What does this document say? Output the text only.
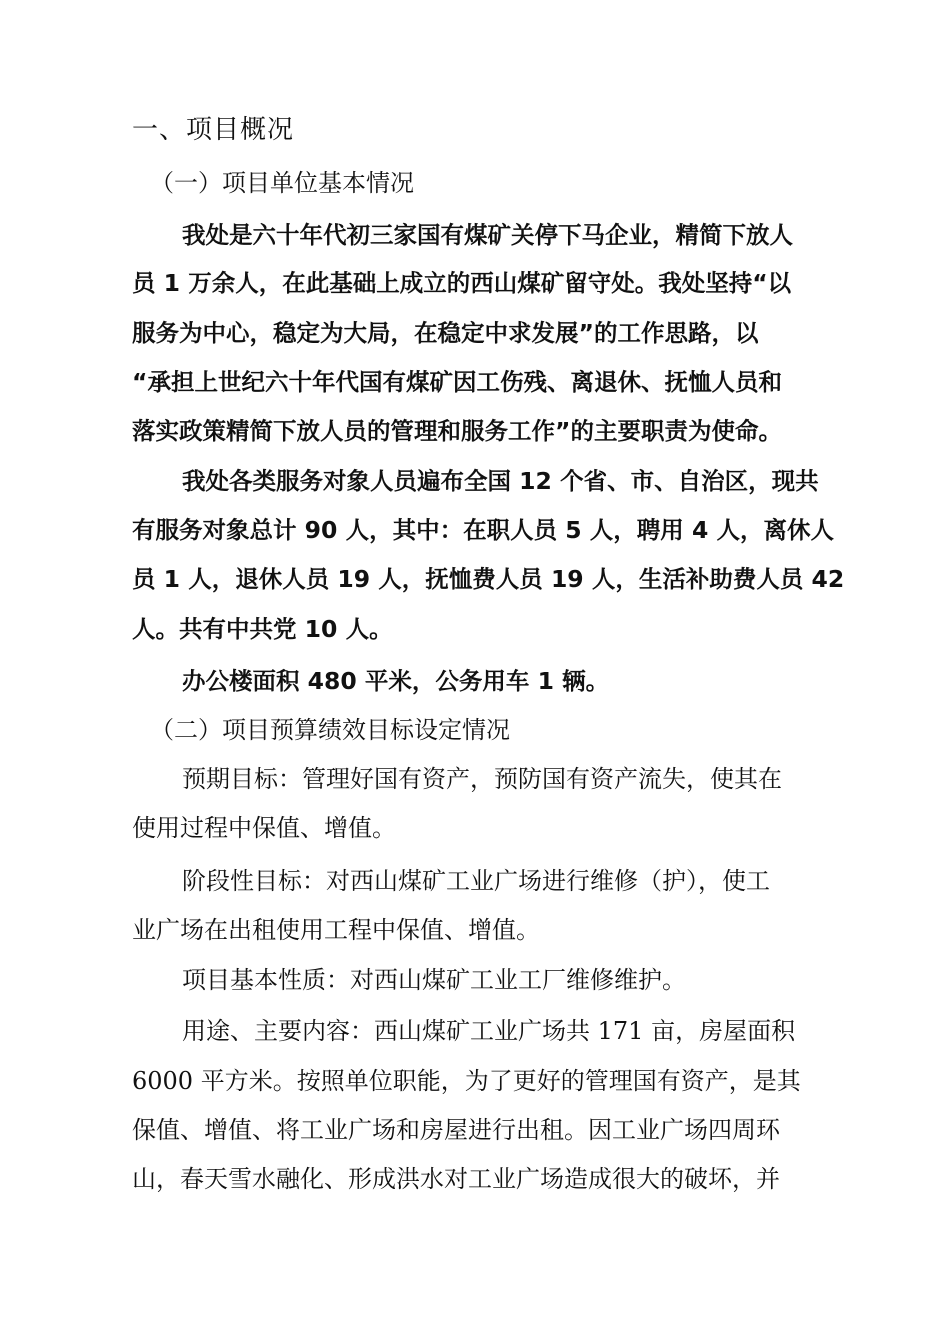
一、项目概况
（一）项目单位基本情况
我处是六十年代初三家国有煤矿关停下马企业，精简下放人
员 1 万余人，在此基础上成立的西山煤矿留守处。我处坚持“以
服务为中心，稳定为大局，在稳定中求发展”的工作思路，以
“承担上世纪六十年代国有煤矿因工伤残、离退休、抚恤人员和
落实政策精简下放人员的管理和服务工作”的主要职责为使命。
我处各类服务对象人员遍布全国 12 个省、市、自治区，现共
有服务对象总计 90 人，其中：在职人员 5 人，聘用 4 人，离休人
员 1 人，退休人员 19 人，抚恤费人员 19 人，生活补助费人员 42
人。共有中共党 10 人。
办公楼面积 480 平米，公务用车 1 辆。
（二）项目预算绩效目标设定情况
预期目标：管理好国有资产，预防国有资产流失，使其在
使用过程中保值、增值。
阶段性目标：对西山煤矿工业广场进行维修（护），使工
业广场在出租使用工程中保值、增值。
项目基本性质：对西山煤矿工业工厂维修维护。
用途、主要内容：西山煤矿工业广场共 171 亩，房屋面积
6000 平方米。按照单位职能，为了更好的管理国有资产，是其
保值、增值、将工业广场和房屋进行出租。因工业广场四周环
山，春天雪水融化、形成洪水对工业广场造成很大的破坏，并
